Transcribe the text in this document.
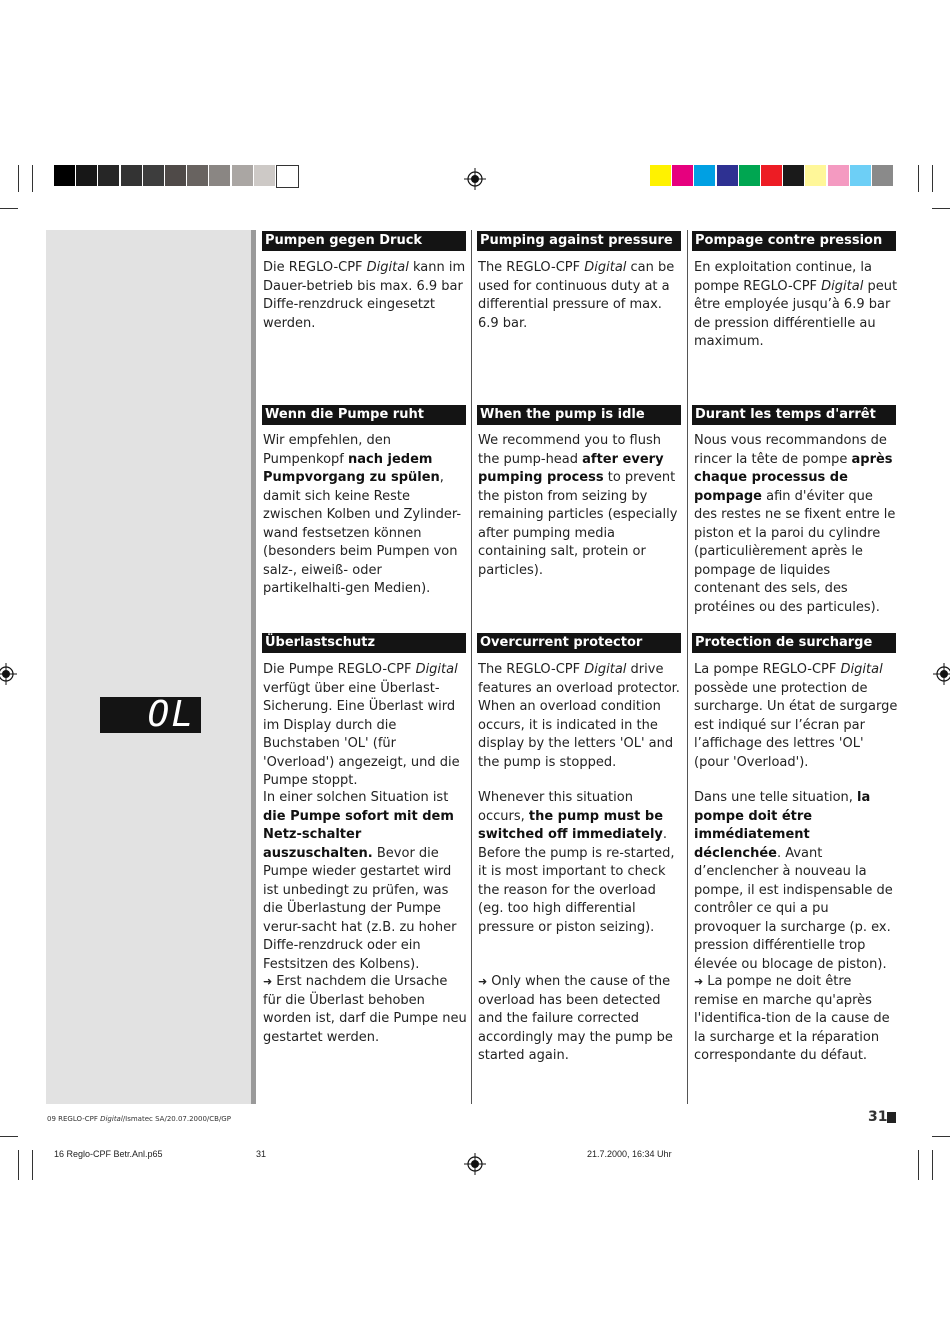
OL
Pumpen gegen Druck	Pumping against pressure	Pompage contre pression
Die REGLO-CPF Digital kann im Dauer-betrieb bis max. 6.9 bar Diffe-renzdruck eingesetzt werden.
The REGLO-CPF Digital can be used for continuous duty at a differential pressure of max. 6.9 bar.
En exploitation continue, la pompe REGLO-CPF Digital peut être employée jusqu’à 6.9 bar de pression différentielle au maximum.
Wenn die Pumpe ruht	When the pump is idle	Durant les temps d'arrêt
Wir empfehlen, den Pumpenkopf nach jedem Pumpvorgang zu spülen, damit sich keine Reste zwischen Kolben und Zylinder-wand festsetzen können (besonders beim Pumpen von salz-, eiweiß- oder partikelhalti-gen Medien).
We recommend you to flush the pump-head after every pumping process to prevent the piston from seizing by remaining particles (especially after pumping media containing salt, protein or particles).
Nous vous recommandons de rincer la tête de pompe après chaque processus de pompage afin d'éviter que des restes ne se fixent entre le piston et la paroi du cylindre (particulièrement après le pompage de liquides contenant des sels, des protéines ou des particules).
Überlastschutz	Overcurrent protector	Protection de surcharge
Die Pumpe REGLO-CPF Digital verfügt über eine Überlast-Sicherung. Eine Überlast wird im Display durch die Buchstaben 'OL' (für 'Overload') angezeigt, und die Pumpe stoppt.
The REGLO-CPF Digital drive features an overload protector. When an overload condition occurs, it is indicated in the display by the letters 'OL' and the pump is stopped.
La pompe REGLO-CPF Digital possède une protection de surcharge. Un état de surgarge est indiqué sur l’écran par l’affichage des lettres 'OL' (pour 'Overload').
In einer solchen Situation ist die Pumpe sofort mit dem Netz-schalter auszuschalten. Bevor die Pumpe wieder gestartet wird ist unbedingt zu prüfen, was die Überlastung der Pumpe verur-sacht hat (z.B. zu hoher Diffe-renzdruck oder ein Festsitzen des Kolbens).
Whenever this situation occurs, the pump must be switched off immediately. Before the pump is re-started, it is most important to check the reason for the overload (eg. too high differential pressure or piston seizing).
Dans une telle situation, la pompe doit étre immédiatement déclenchée. Avant d’enclencher à nouveau la pompe, il est indispensable de contrôler ce qui a pu provoquer la surcharge (p. ex. pression différentielle trop élevée ou blocage de piston).
➜ Erst nachdem die Ursache für die Überlast behoben worden ist, darf die Pumpe neu gestartet werden.
➜ Only when the cause of the overload has been detected and the failure corrected accordingly may the pump be started again.
➜ La pompe ne doit être remise en marche qu'après l'identifica-tion de la cause de la surcharge et la réparation correspondante du défaut.
09 REGLO-CPF Digital/Ismatec SA/20.07.2000/CB/GP	31
16 Reglo-CPF Betr.Anl.p65	31	21.7.2000, 16:34 Uhr
